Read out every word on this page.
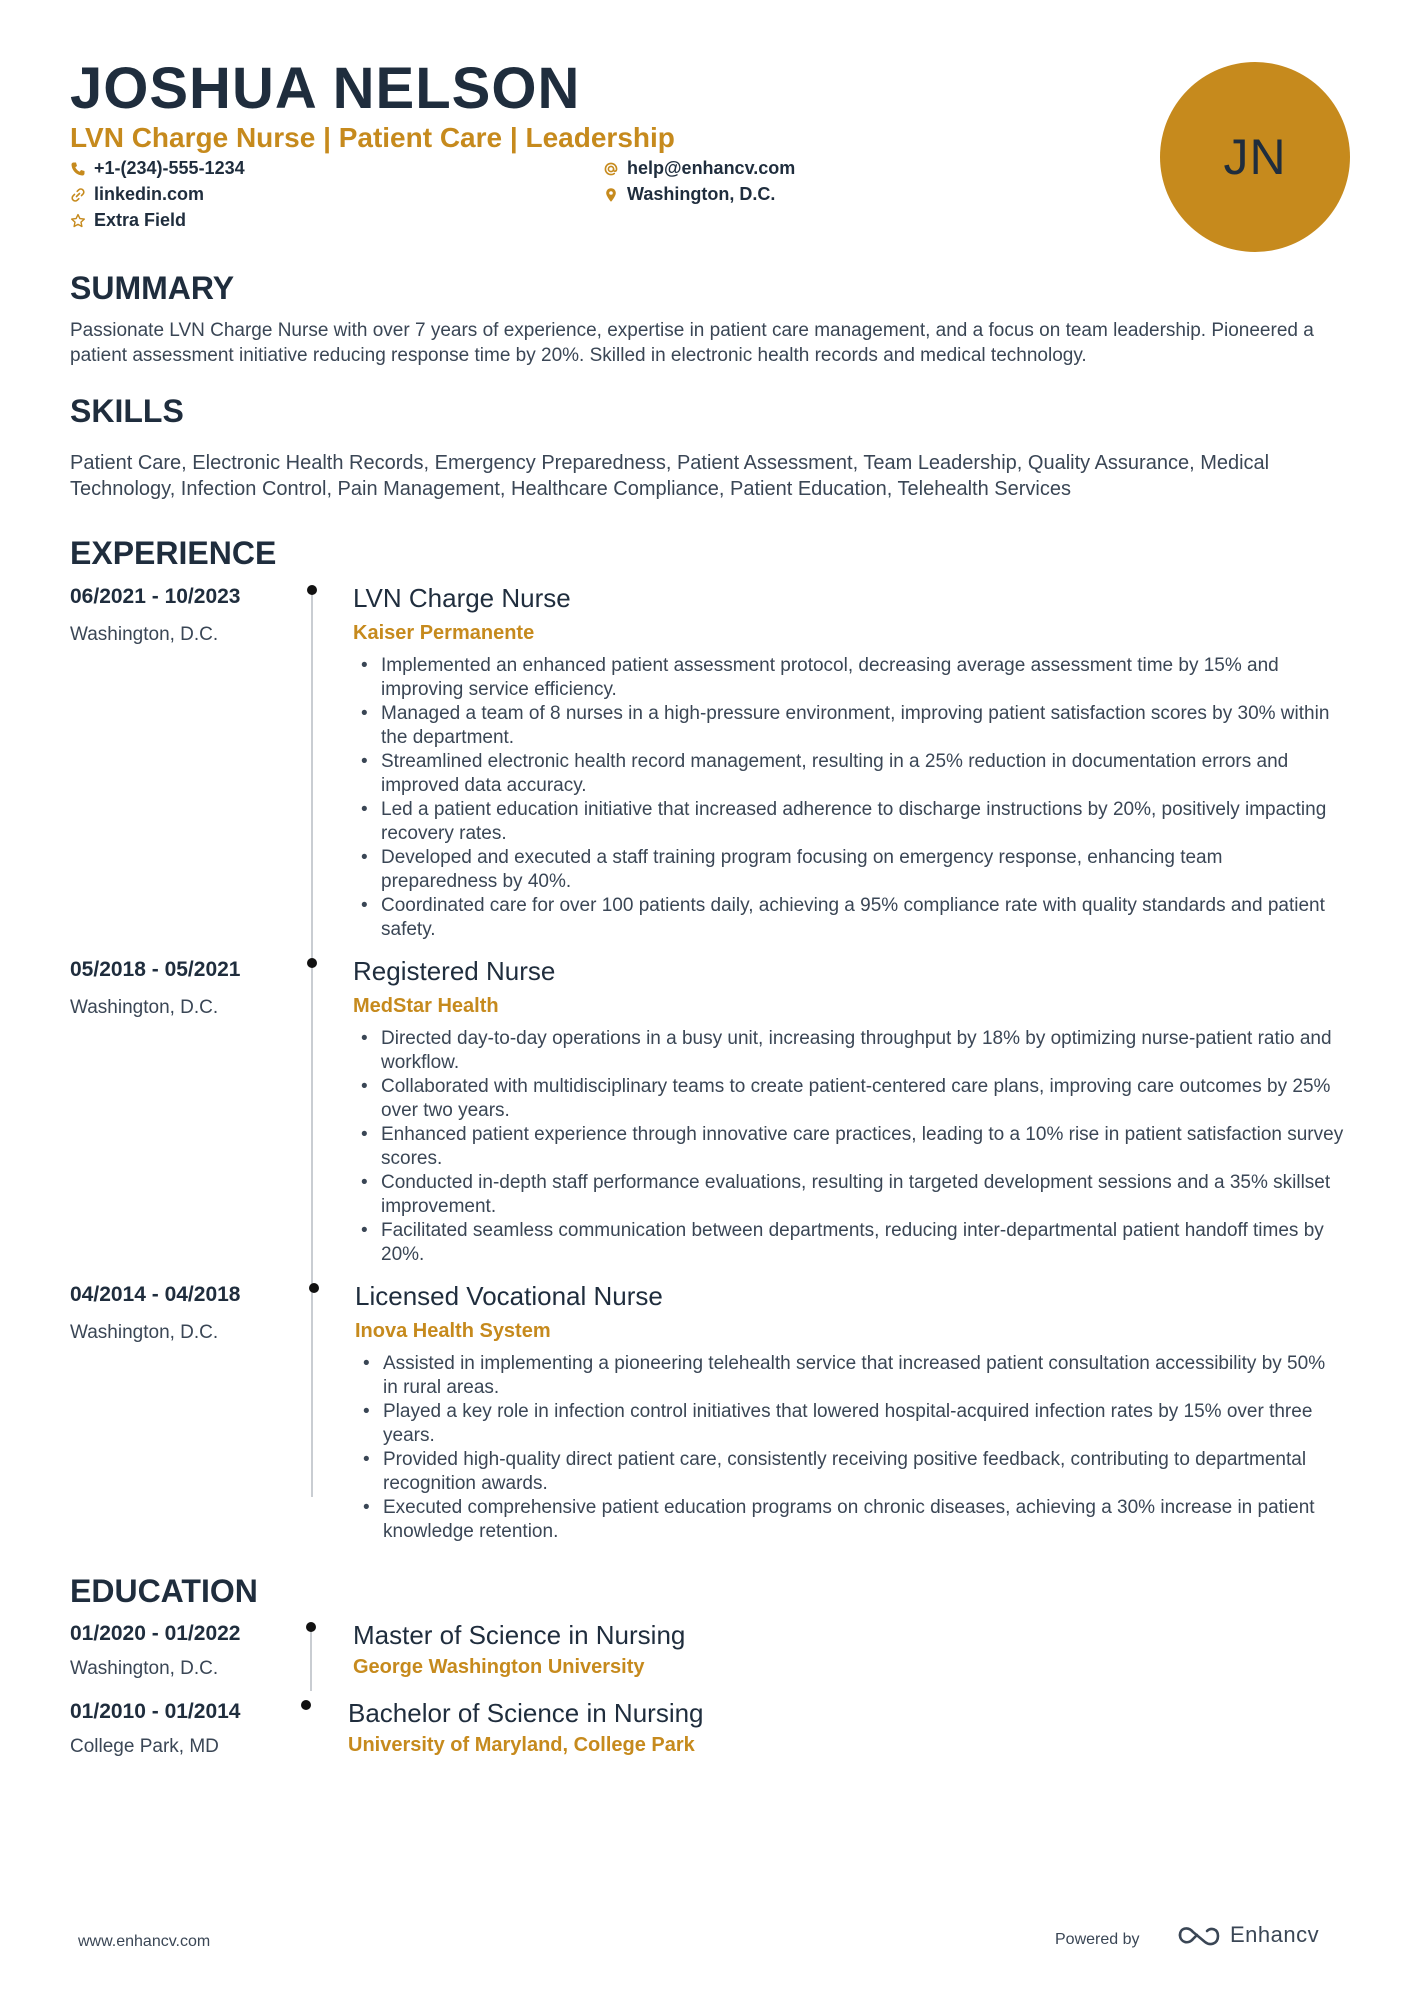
JOSHUA NELSON
LVN Charge Nurse | Patient Care | Leadership
+1-(234)-555-1234	help@enhancv.com
linkedin.com	Washington, D.C.
Extra Field
JN
SUMMARY
Passionate LVN Charge Nurse with over 7 years of experience, expertise in patient care management, and a focus on team leadership. Pioneered a patient assessment initiative reducing response time by 20%. Skilled in electronic health records and medical technology.
SKILLS
Patient Care, Electronic Health Records, Emergency Preparedness, Patient Assessment, Team Leadership, Quality Assurance, Medical Technology, Infection Control, Pain Management, Healthcare Compliance, Patient Education, Telehealth Services
EXPERIENCE
06/2021 - 10/2023
Washington, D.C.
LVN Charge Nurse
Kaiser Permanente
• Implemented an enhanced patient assessment protocol, decreasing average assessment time by 15% and improving service efficiency.
• Managed a team of 8 nurses in a high-pressure environment, improving patient satisfaction scores by 30% within the department.
• Streamlined electronic health record management, resulting in a 25% reduction in documentation errors and improved data accuracy.
• Led a patient education initiative that increased adherence to discharge instructions by 20%, positively impacting recovery rates.
• Developed and executed a staff training program focusing on emergency response, enhancing team preparedness by 40%.
• Coordinated care for over 100 patients daily, achieving a 95% compliance rate with quality standards and patient safety.
05/2018 - 05/2021
Washington, D.C.
Registered Nurse
MedStar Health
• Directed day-to-day operations in a busy unit, increasing throughput by 18% by optimizing nurse-patient ratio and workflow.
• Collaborated with multidisciplinary teams to create patient-centered care plans, improving care outcomes by 25% over two years.
• Enhanced patient experience through innovative care practices, leading to a 10% rise in patient satisfaction survey scores.
• Conducted in-depth staff performance evaluations, resulting in targeted development sessions and a 35% skillset improvement.
• Facilitated seamless communication between departments, reducing inter-departmental patient handoff times by 20%.
04/2014 - 04/2018
Washington, D.C.
Licensed Vocational Nurse
Inova Health System
• Assisted in implementing a pioneering telehealth service that increased patient consultation accessibility by 50% in rural areas.
• Played a key role in infection control initiatives that lowered hospital-acquired infection rates by 15% over three years.
• Provided high-quality direct patient care, consistently receiving positive feedback, contributing to departmental recognition awards.
• Executed comprehensive patient education programs on chronic diseases, achieving a 30% increase in patient knowledge retention.
EDUCATION
01/2020 - 01/2022
Washington, D.C.
Master of Science in Nursing
George Washington University
01/2010 - 01/2014
College Park, MD
Bachelor of Science in Nursing
University of Maryland, College Park
www.enhancv.com	Powered by	Enhancv
